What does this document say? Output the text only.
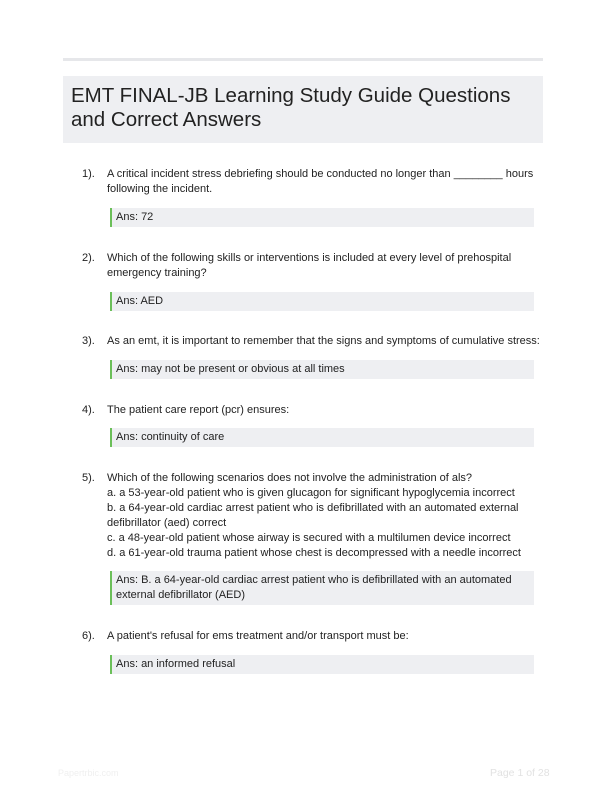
EMT FINAL-JB Learning Study Guide Questions and Correct Answers
1). A critical incident stress debriefing should be conducted no longer than ________ hours following the incident.
Ans: 72
2). Which of the following skills or interventions is included at every level of prehospital emergency training?
Ans: AED
3). As an emt, it is important to remember that the signs and symptoms of cumulative stress:
Ans: may not be present or obvious at all times
4). The patient care report (pcr) ensures:
Ans: continuity of care
5). Which of the following scenarios does not involve the administration of als?
a. a 53-year-old patient who is given glucagon for significant hypoglycemia incorrect
b. a 64-year-old cardiac arrest patient who is defibrillated with an automated external defibrillator (aed) correct
c. a 48-year-old patient whose airway is secured with a multilumen device incorrect
d. a 61-year-old trauma patient whose chest is decompressed with a needle incorrect
Ans: B. a 64-year-old cardiac arrest patient who is defibrillated with an automated external defibrillator (AED)
6). A patient's refusal for ems treatment and/or transport must be:
Ans: an informed refusal
Papertrbic.com	Page 1 of 28
